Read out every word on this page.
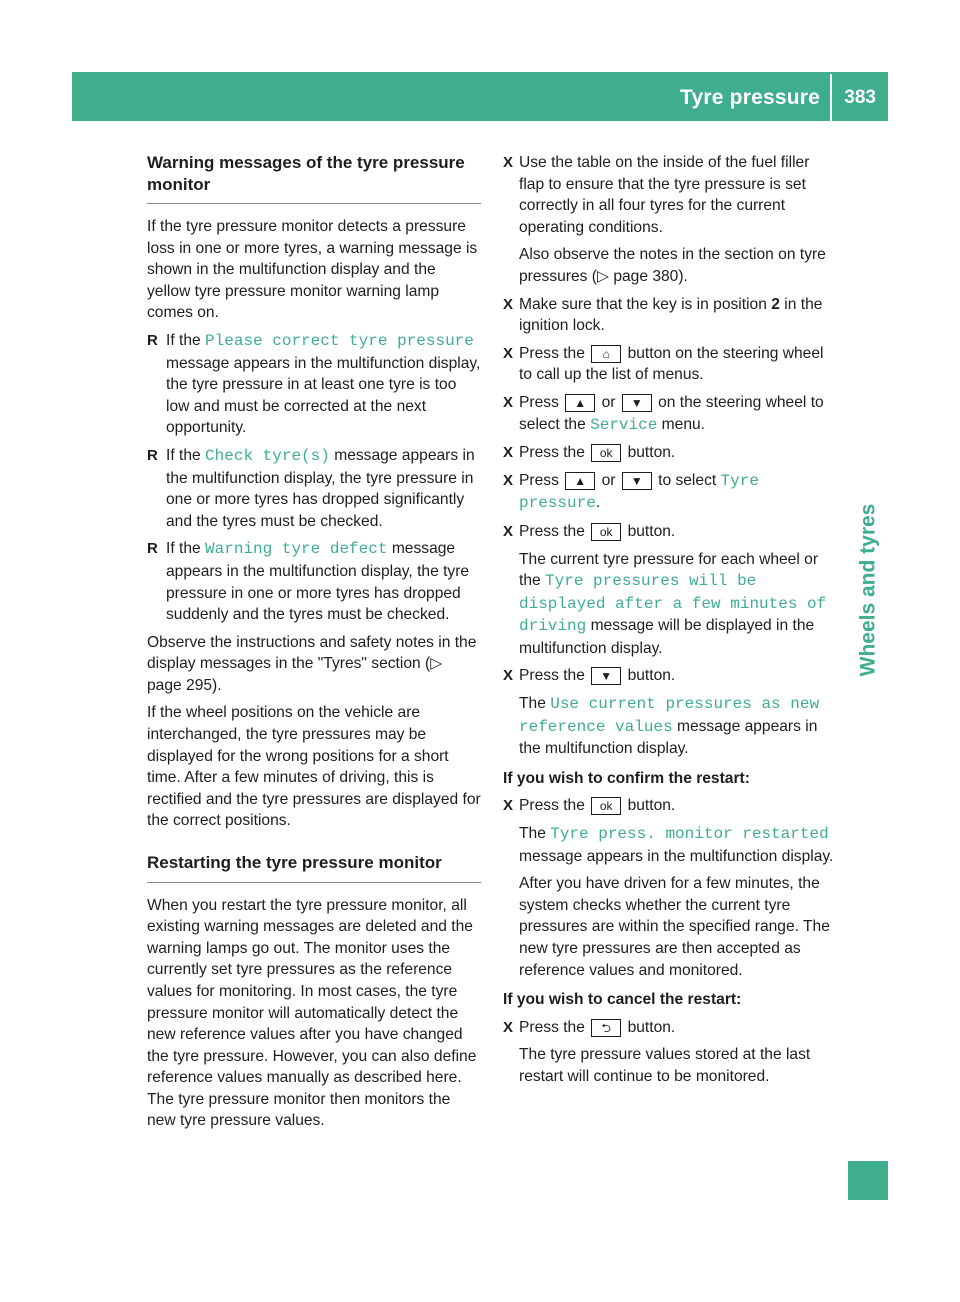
Tyre pressure 383
Wheels and tyres
Warning messages of the tyre pressure
monitor

If the tyre pressure monitor detects a pressure loss in one or more tyres, a warning message is shown in the multifunction display and the yellow tyre pressure monitor warning lamp comes on.

R If the Please correct tyre pressure message appears in the multifunction display, the tyre pressure in at least one tyre is too low and must be corrected at the next opportunity.
R If the Check tyre(s) message appears in the multifunction display, the tyre pressure in one or more tyres has dropped significantly and the tyres must be checked.
R If the Warning tyre defect message appears in the multifunction display, the tyre pressure in one or more tyres has dropped suddenly and the tyres must be checked.

Observe the instructions and safety notes in the display messages in the "Tyres" section (▷ page 295).

If the wheel positions on the vehicle are interchanged, the tyre pressures may be displayed for the wrong positions for a short time. After a few minutes of driving, this is rectified and the tyre pressures are displayed for the correct positions.

Restarting the tyre pressure monitor

When you restart the tyre pressure monitor, all existing warning messages are deleted and the warning lamps go out. The monitor uses the currently set tyre pressures as the reference values for monitoring. In most cases, the tyre pressure monitor will automatically detect the new reference values after you have changed the tyre pressure. However, you can also define reference values manually as described here. The tyre pressure monitor then monitors the new tyre pressure values.

X Use the table on the inside of the fuel filler flap to ensure that the tyre pressure is set correctly in all four tyres for the current operating conditions.

Also observe the notes in the section on tyre pressures (▷ page 380).

X Make sure that the key is in position 2 in the ignition lock.
X Press the ⌂ button on the steering wheel to call up the list of menus.
X Press ▲ or ▼ on the steering wheel to select the Service menu.
X Press the ok button.
X Press ▲ or ▼ to select Tyre pressure.
X Press the ok button.

The current tyre pressure for each wheel or the Tyre pressures will be displayed after a few minutes of driving message will be displayed in the multifunction display.

X Press the ▼ button.

The Use current pressures as new reference values message appears in the multifunction display.

If you wish to confirm the restart:
X Press the ok button.

The Tyre press. monitor restarted message appears in the multifunction display.

After you have driven for a few minutes, the system checks whether the current tyre pressures are within the specified range. The new tyre pressures are then accepted as reference values and monitored.

If you wish to cancel the restart:
X Press the ⮌ button.

The tyre pressure values stored at the last restart will continue to be monitored.
